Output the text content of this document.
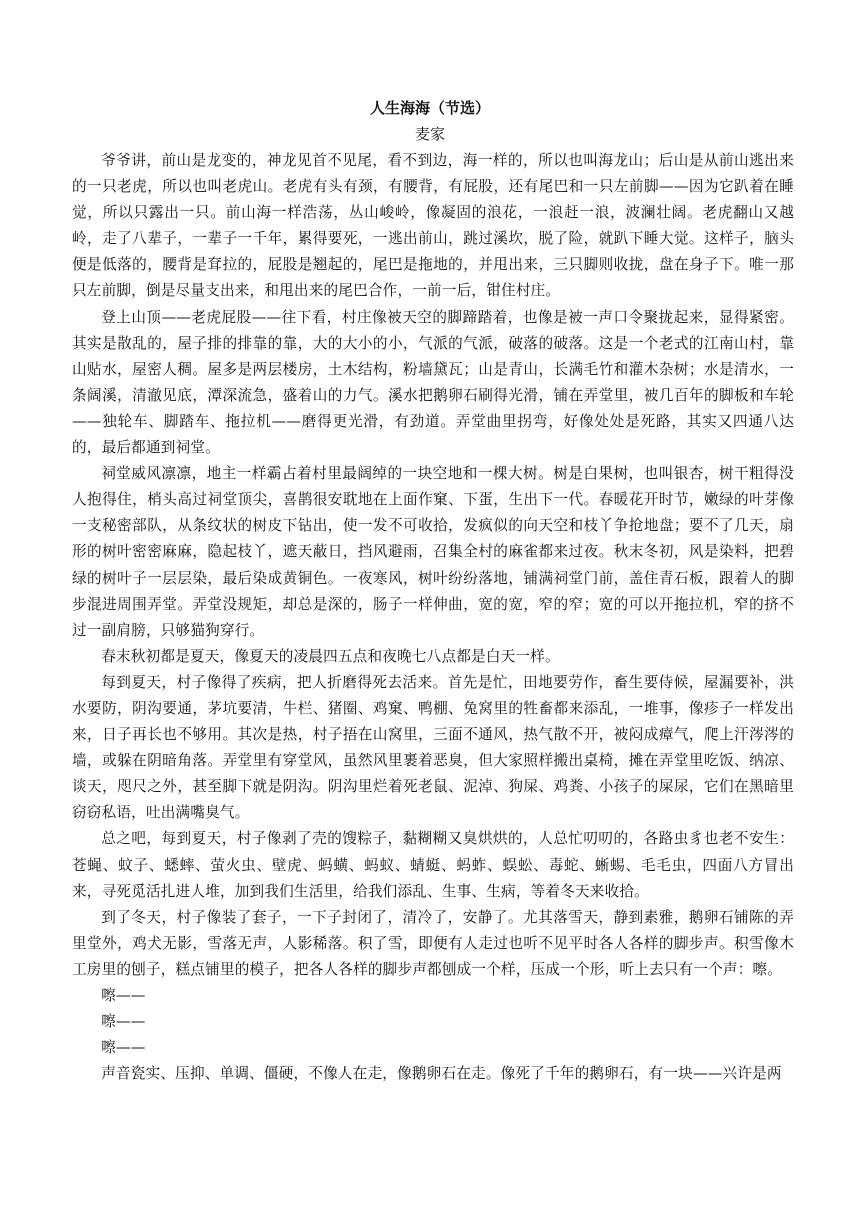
人生海海（节选）
麦家

爷爷讲，前山是龙变的，神龙见首不见尾，看不到边，海一样的，所以也叫海龙山；后山是从前山逃出来的一只老虎，所以也叫老虎山。老虎有头有颈，有腰背，有屁股，还有尾巴和一只左前脚——因为它趴着在睡觉，所以只露出一只。前山海一样浩荡，丛山峻岭，像凝固的浪花，一浪赶一浪，波澜壮阔。老虎翻山又越岭，走了八辈子，一辈子一千年，累得要死，一逃出前山，跳过溪坎，脱了险，就趴下睡大觉。这样子，脑头便是低落的，腰背是耷拉的，屁股是翘起的，尾巴是拖地的，并甩出来，三只脚则收拢，盘在身子下。唯一那只左前脚，倒是尽量支出来，和甩出来的尾巴合作，一前一后，钳住村庄。

登上山顶——老虎屁股——往下看，村庄像被天空的脚蹄踏着，也像是被一声口令聚拢起来，显得紧密。其实是散乱的，屋子排的排靠的靠，大的大小的小，气派的气派，破落的破落。这是一个老式的江南山村，靠山贴水，屋密人稠。屋多是两层楼房，土木结构，粉墙黛瓦；山是青山，长满毛竹和灌木杂树；水是清水，一条阔溪，清澈见底，潭深流急，盛着山的力气。溪水把鹅卵石刷得光滑，铺在弄堂里，被几百年的脚板和车轮——独轮车、脚踏车、拖拉机——磨得更光滑，有劲道。弄堂曲里拐弯，好像处处是死路，其实又四通八达的，最后都通到祠堂。

祠堂威风凛凛，地主一样霸占着村里最阔绰的一块空地和一棵大树。树是白果树，也叫银杏，树干粗得没人抱得住，梢头高过祠堂顶尖，喜鹊很安耽地在上面作窠、下蛋，生出下一代。春暖花开时节，嫩绿的叶芽像一支秘密部队，从条纹状的树皮下钻出，使一发不可收拾，发疯似的向天空和枝丫争抢地盘；要不了几天，扇形的树叶密密麻麻，隐起枝丫，遮天蔽日，挡风避雨，召集全村的麻雀都来过夜。秋末冬初，风是染料，把碧绿的树叶子一层层染，最后染成黄铜色。一夜寒风，树叶纷纷落地，铺满祠堂门前，盖住青石板，跟着人的脚步混进周围弄堂。弄堂没规矩，却总是深的，肠子一样伸曲，宽的宽，窄的窄；宽的可以开拖拉机，窄的挤不过一副肩膀，只够猫狗穿行。

春末秋初都是夏天，像夏天的凌晨四五点和夜晚七八点都是白天一样。

每到夏天，村子像得了疾病，把人折磨得死去活来。首先是忙，田地要劳作，畜生要侍候，屋漏要补，洪水要防，阴沟要通，茅坑要清，牛栏、猪圈、鸡窠、鸭棚、兔窝里的牲畜都来添乱，一堆事，像疹子一样发出来，日子再长也不够用。其次是热，村子捂在山窝里，三面不通风，热气散不开，被闷成瘴气，爬上汗涔涔的墙，或躲在阴暗角落。弄堂里有穿堂风，虽然风里裹着恶臭，但大家照样搬出桌椅，摊在弄堂里吃饭、纳凉、谈天，咫尺之外，甚至脚下就是阴沟。阴沟里烂着死老鼠、泥淖、狗屎、鸡粪、小孩子的屎尿，它们在黑暗里窃窃私语，吐出满嘴臭气。

总之吧，每到夏天，村子像剥了壳的馊粽子，黏糊糊又臭烘烘的，人总忙叨叨的，各路虫豸也老不安生：苍蝇、蚊子、蟋蟀、萤火虫、壁虎、蚂蟥、蚂蚁、蜻蜓、蚂蚱、蜈蚣、毒蛇、蜥蜴、毛毛虫，四面八方冒出来，寻死觅活扎进人堆，加到我们生活里，给我们添乱、生事、生病，等着冬天来收拾。

到了冬天，村子像装了套子，一下子封闭了，清冷了，安静了。尤其落雪天，静到素雅，鹅卵石铺陈的弄里堂外，鸡犬无影，雪落无声，人影稀落。积了雪，即便有人走过也听不见平时各人各样的脚步声。积雪像木工房里的刨子，糕点铺里的模子，把各人各样的脚步声都刨成一个样，压成一个形，听上去只有一个声：嚓。

嚓——

嚓——

嚓——

声音瓷实、压抑、单调、僵硬，不像人在走，像鹅卵石在走。像死了千年的鹅卵石，有一块——兴许是两
